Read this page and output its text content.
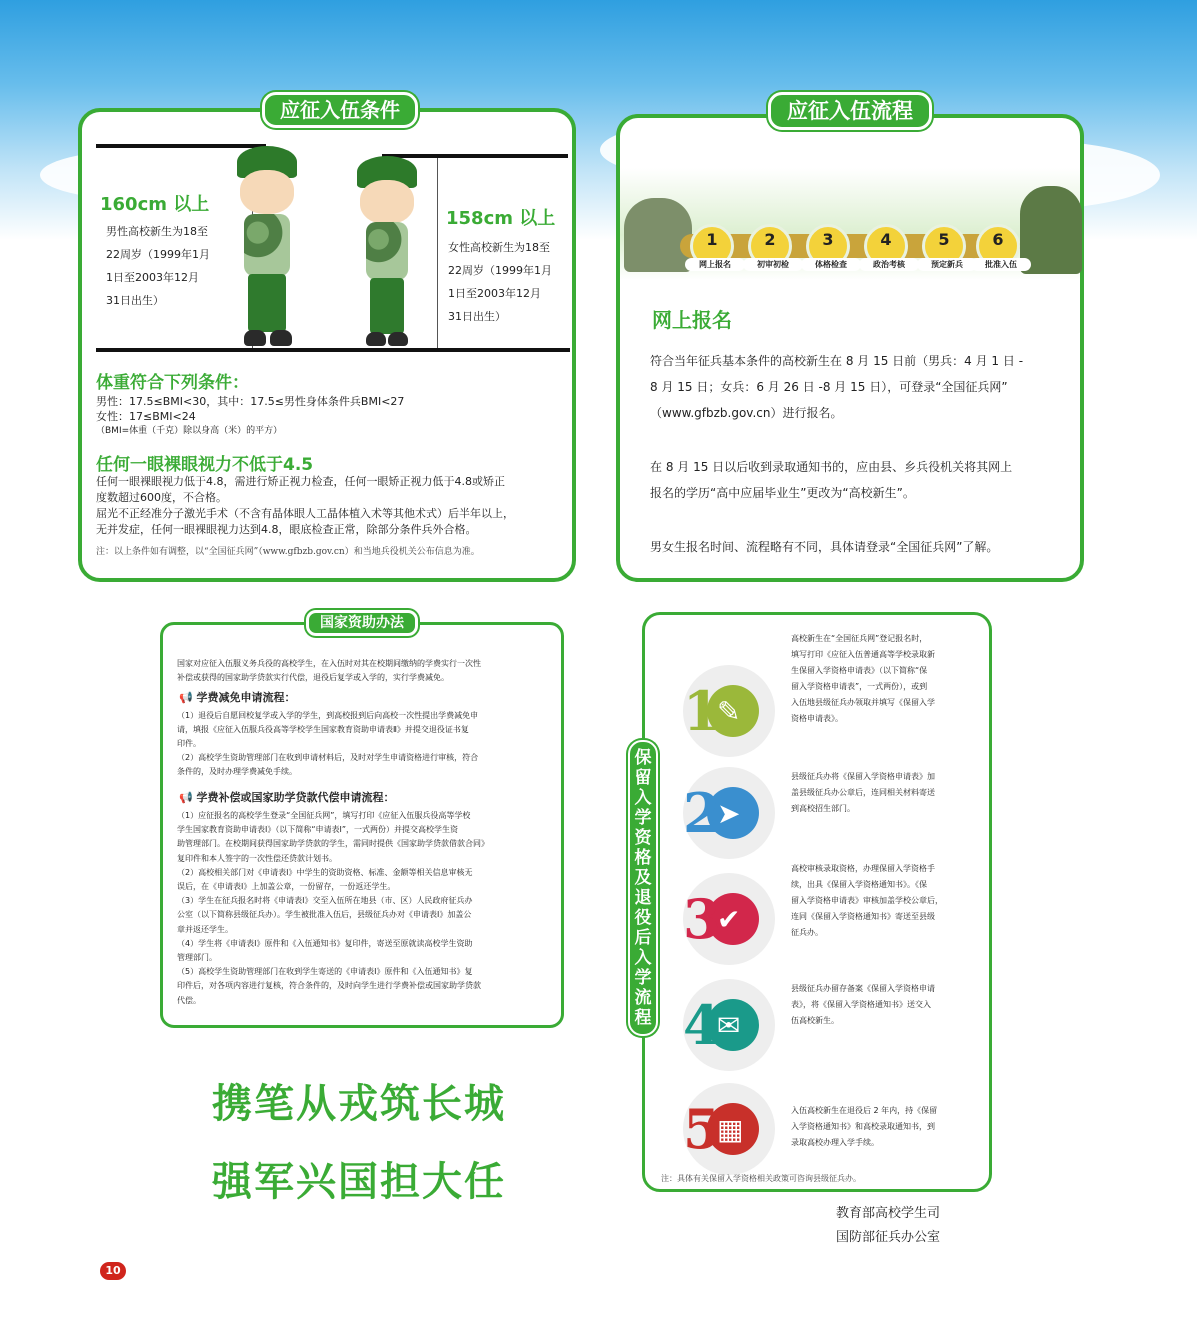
160cm 以上
男性高校新生为18至
22周岁（1999年1月
1日至2003年12月
31日出生）
158cm 以上
女性高校新生为18至
22周岁（1999年1月
1日至2003年12月
31日出生）
体重符合下列条件：
男性：17.5≤BMI<30，其中：17.5≤男性身体条件兵BMI<27
女性：17≤BMI<24
（BMI=体重（千克）除以身高（米）的平方）
任何一眼裸眼视力不低于4.5
任何一眼裸眼视力低于4.8，需进行矫正视力检查，任何一眼矫正视力低于4.8或矫正
度数超过600度，不合格。
屈光不正经准分子激光手术（不含有晶体眼人工晶体植入术等其他术式）后半年以上，
无并发症，任何一眼裸眼视力达到4.8，眼底检查正常，除部分条件兵外合格。
注：以上条件如有调整，以“全国征兵网”（www.gfbzb.gov.cn）和当地兵役机关公布信息为准。
应征入伍条件
1
网上报名
2
初审初检
3
体格检查
4
政治考核
5
预定新兵
6
批准入伍
网上报名
符合当年征兵基本条件的高校新生在 8 月 15 日前（男兵：4 月 1 日 -
8 月 15 日；女兵：6 月 26 日 -8 月 15 日），可登录“全国征兵网”
（www.gfbzb.gov.cn）进行报名。
在 8 月 15 日以后收到录取通知书的，应由县、乡兵役机关将其网上
报名的学历“高中应届毕业生”更改为“高校新生”。
男女生报名时间、流程略有不同，具体请登录“全国征兵网”了解。
应征入伍流程
国家对应征入伍服义务兵役的高校学生，在入伍时对其在校期间缴纳的学费实行一次性
补偿或获得的国家助学贷款实行代偿，退役后复学或入学的，实行学费减免。
📢 学费减免申请流程：
（1）退役后自愿回校复学或入学的学生，到高校报到后向高校一次性提出学费减免申
请，填报《应征入伍服兵役高等学校学生国家教育资助申请表Ⅱ》并提交退役证书复
印件。
（2）高校学生资助管理部门在收到申请材料后，及时对学生申请资格进行审核，符合
条件的，及时办理学费减免手续。
📢 学费补偿或国家助学贷款代偿申请流程：
（1）应征报名的高校学生登录“全国征兵网”，填写打印《应征入伍服兵役高等学校
学生国家教育资助申请表Ⅰ》（以下简称“申请表Ⅰ”，一式两份）并提交高校学生资
助管理部门。在校期间获得国家助学贷款的学生，需同时提供《国家助学贷款借款合同》
复印件和本人签字的一次性偿还贷款计划书。
（2）高校相关部门对《申请表Ⅰ》中学生的资助资格、标准、金额等相关信息审核无
误后，在《申请表Ⅰ》上加盖公章，一份留存，一份返还学生。
（3）学生在征兵报名时将《申请表Ⅰ》交至入伍所在地县（市、区）人民政府征兵办
公室（以下简称县级征兵办）。学生被批准入伍后，县级征兵办对《申请表Ⅰ》加盖公
章并返还学生。
（4）学生将《申请表Ⅰ》原件和《入伍通知书》复印件，寄送至原就读高校学生资助
管理部门。
（5）高校学生资助管理部门在收到学生寄送的《申请表Ⅰ》原件和《入伍通知书》复
印件后，对各项内容进行复核，符合条件的，及时向学生进行学费补偿或国家助学贷款
代偿。
国家资助办法
携笔从戎筑长城
强军兴国担大任
1
✎
2
➤
3
✔
4
✉
5
▦
高校新生在“全国征兵网”登记报名时，
填写打印《应征入伍普通高等学校录取新
生保留入学资格申请表》（以下简称“保
留入学资格申请表”，一式两份），或到
入伍地县级征兵办领取并填写《保留入学
资格申请表》。
县级征兵办将《保留入学资格申请表》加
盖县级征兵办公章后，连同相关材料寄送
到高校招生部门。
高校审核录取资格，办理保留入学资格手
续，出具《保留入学资格通知书》。《保
留入学资格申请表》审核加盖学校公章后，
连同《保留入学资格通知书》寄送至县级
征兵办。
县级征兵办留存备案《保留入学资格申请
表》，将《保留入学资格通知书》送交入
伍高校新生。
入伍高校新生在退役后 2 年内，持《保留
入学资格通知书》和高校录取通知书，到
录取高校办理入学手续。
注：具体有关保留入学资格相关政策可咨询县级征兵办。
保留入学资格及退役后入学流程
教育部高校学生司
国防部征兵办公室
10
